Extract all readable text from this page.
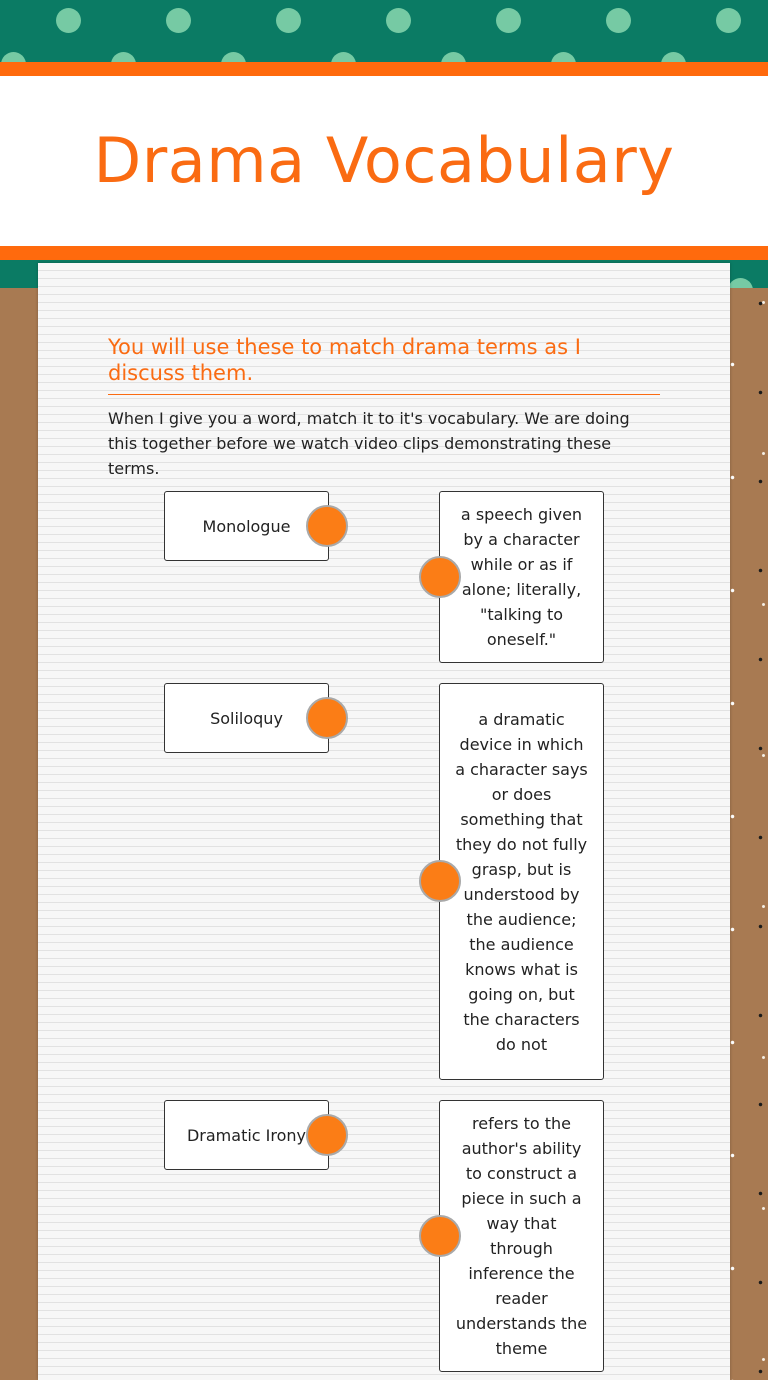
Drama Vocabulary
You will use these to match drama terms as I discuss them.
When I give you a word, match it to it's vocabulary. We are doing this together before we watch video clips demonstrating these terms.
Monologue
Soliloquy
Dramatic Irony
a speech given by a character while or as if alone; literally, "talking to oneself."
a dramatic device in which a character says or does something that they do not fully grasp, but is understood by the audience; the audience knows what is going on, but the characters do not
refers to the author's ability to construct a piece in such a way that through inference the reader understands the theme
